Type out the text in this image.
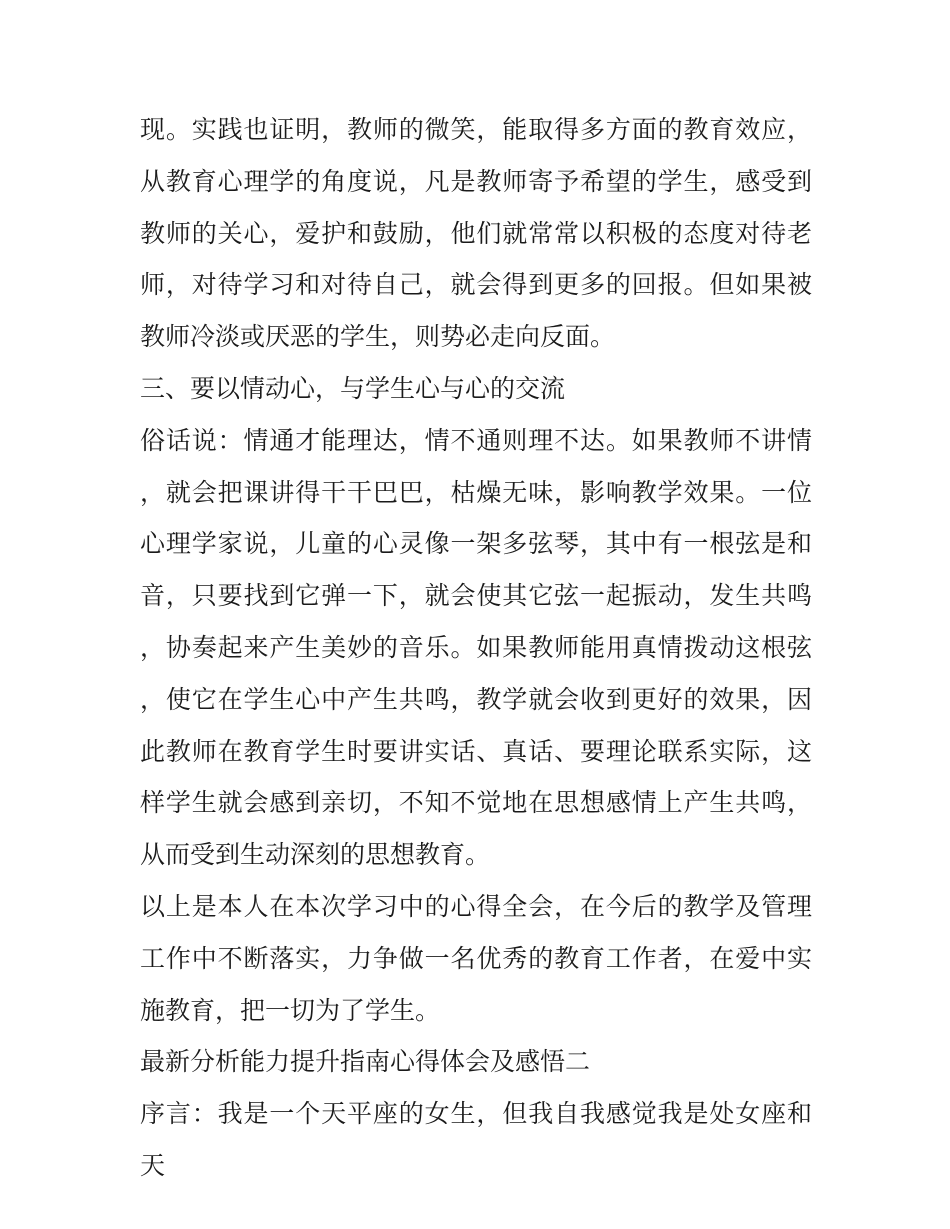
现。实践也证明，教师的微笑，能取得多方面的教育效应，从教育心理学的角度说，凡是教师寄予希望的学生，感受到教师的关心，爱护和鼓励，他们就常常以积极的态度对待老师，对待学习和对待自己，就会得到更多的回报。但如果被教师冷淡或厌恶的学生，则势必走向反面。

三、要以情动心，与学生心与心的交流

俗话说：情通才能理达，情不通则理不达。如果教师不讲情，就会把课讲得干干巴巴，枯燥无味，影响教学效果。一位心理学家说，儿童的心灵像一架多弦琴，其中有一根弦是和音，只要找到它弹一下，就会使其它弦一起振动，发生共鸣，协奏起来产生美妙的音乐。如果教师能用真情拨动这根弦，使它在学生心中产生共鸣，教学就会收到更好的效果，因此教师在教育学生时要讲实话、真话、要理论联系实际，这样学生就会感到亲切，不知不觉地在思想感情上产生共鸣，从而受到生动深刻的思想教育。

以上是本人在本次学习中的心得全会，在今后的教学及管理工作中不断落实，力争做一名优秀的教育工作者，在爱中实施教育，把一切为了学生。

最新分析能力提升指南心得体会及感悟二

序言：我是一个天平座的女生，但我自我感觉我是处女座和天
